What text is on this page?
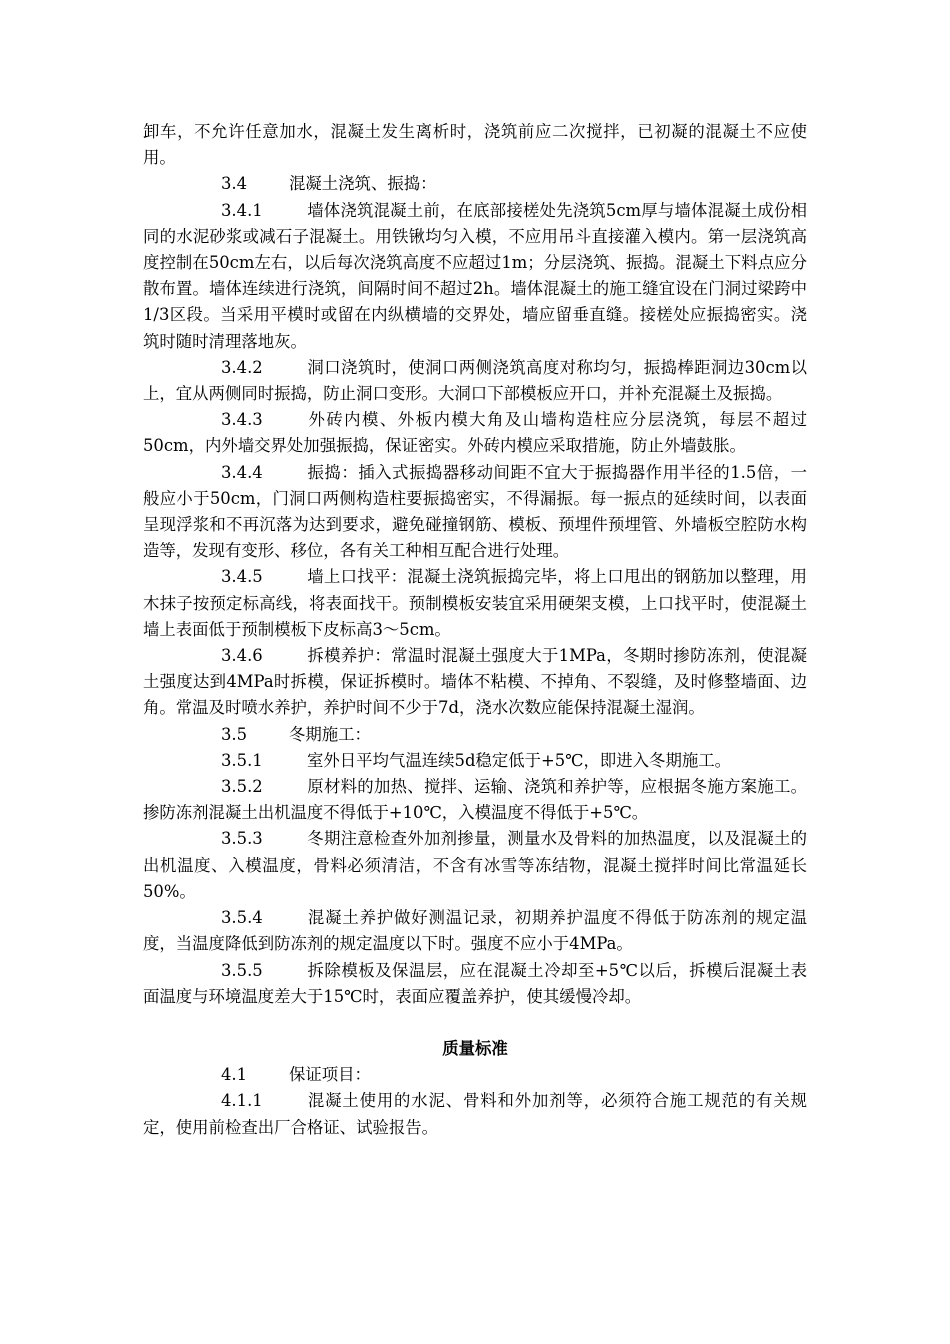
卸车，不允许任意加水，混凝土发生离析时，浇筑前应二次搅拌，已初凝的混凝土不应使用。

3.4	混凝土浇筑、振捣：

3.4.1	墙体浇筑混凝土前，在底部接槎处先浇筑5cm厚与墙体混凝土成份相同的水泥砂浆或减石子混凝土。用铁锹均匀入模，不应用吊斗直接灌入模内。第一层浇筑高度控制在50cm左右，以后每次浇筑高度不应超过1m；分层浇筑、振捣。混凝土下料点应分散布置。墙体连续进行浇筑，间隔时间不超过2h。墙体混凝土的施工缝宜设在门洞过梁跨中1/3区段。当采用平模时或留在内纵横墙的交界处，墙应留垂直缝。接槎处应振捣密实。浇筑时随时清理落地灰。

3.4.2	洞口浇筑时，使洞口两侧浇筑高度对称均匀，振捣棒距洞边30cm以上，宜从两侧同时振捣，防止洞口变形。大洞口下部模板应开口，并补充混凝土及振捣。

3.4.3	外砖内模、外板内模大角及山墙构造柱应分层浇筑，每层不超过50cm，内外墙交界处加强振捣，保证密实。外砖内模应采取措施，防止外墙鼓胀。

3.4.4	振捣：插入式振捣器移动间距不宜大于振捣器作用半径的1.5倍，一般应小于50cm，门洞口两侧构造柱要振捣密实，不得漏振。每一振点的延续时间，以表面呈现浮浆和不再沉落为达到要求，避免碰撞钢筋、模板、预埋件预埋管、外墙板空腔防水构造等，发现有变形、移位，各有关工种相互配合进行处理。

3.4.5	墙上口找平：混凝土浇筑振捣完毕，将上口甩出的钢筋加以整理，用木抹子按预定标高线，将表面找干。预制模板安装宜采用硬架支模，上口找平时，使混凝土墙上表面低于预制模板下皮标高3～5cm。

3.4.6	拆模养护：常温时混凝土强度大于1MPa，冬期时掺防冻剂，使混凝土强度达到4MPa时拆模，保证拆模时。墙体不粘模、不掉角、不裂缝，及时修整墙面、边角。常温及时喷水养护，养护时间不少于7d，浇水次数应能保持混凝土湿润。

3.5	冬期施工：

3.5.1	室外日平均气温连续5d稳定低于+5℃，即进入冬期施工。

3.5.2	原材料的加热、搅拌、运输、浇筑和养护等，应根据冬施方案施工。掺防冻剂混凝土出机温度不得低于+10℃，入模温度不得低于+5℃。

3.5.3	冬期注意检查外加剂掺量，测量水及骨料的加热温度，以及混凝土的出机温度、入模温度，骨料必须清洁，不含有冰雪等冻结物，混凝土搅拌时间比常温延长50%。

3.5.4	混凝土养护做好测温记录，初期养护温度不得低于防冻剂的规定温度，当温度降低到防冻剂的规定温度以下时。强度不应小于4MPa。

3.5.5	拆除模板及保温层，应在混凝土冷却至+5℃以后，拆模后混凝土表面温度与环境温度差大于15℃时，表面应覆盖养护，使其缓慢冷却。

质量标准

4.1	保证项目：

4.1.1	混凝土使用的水泥、骨料和外加剂等，必须符合施工规范的有关规定，使用前检查出厂合格证、试验报告。
